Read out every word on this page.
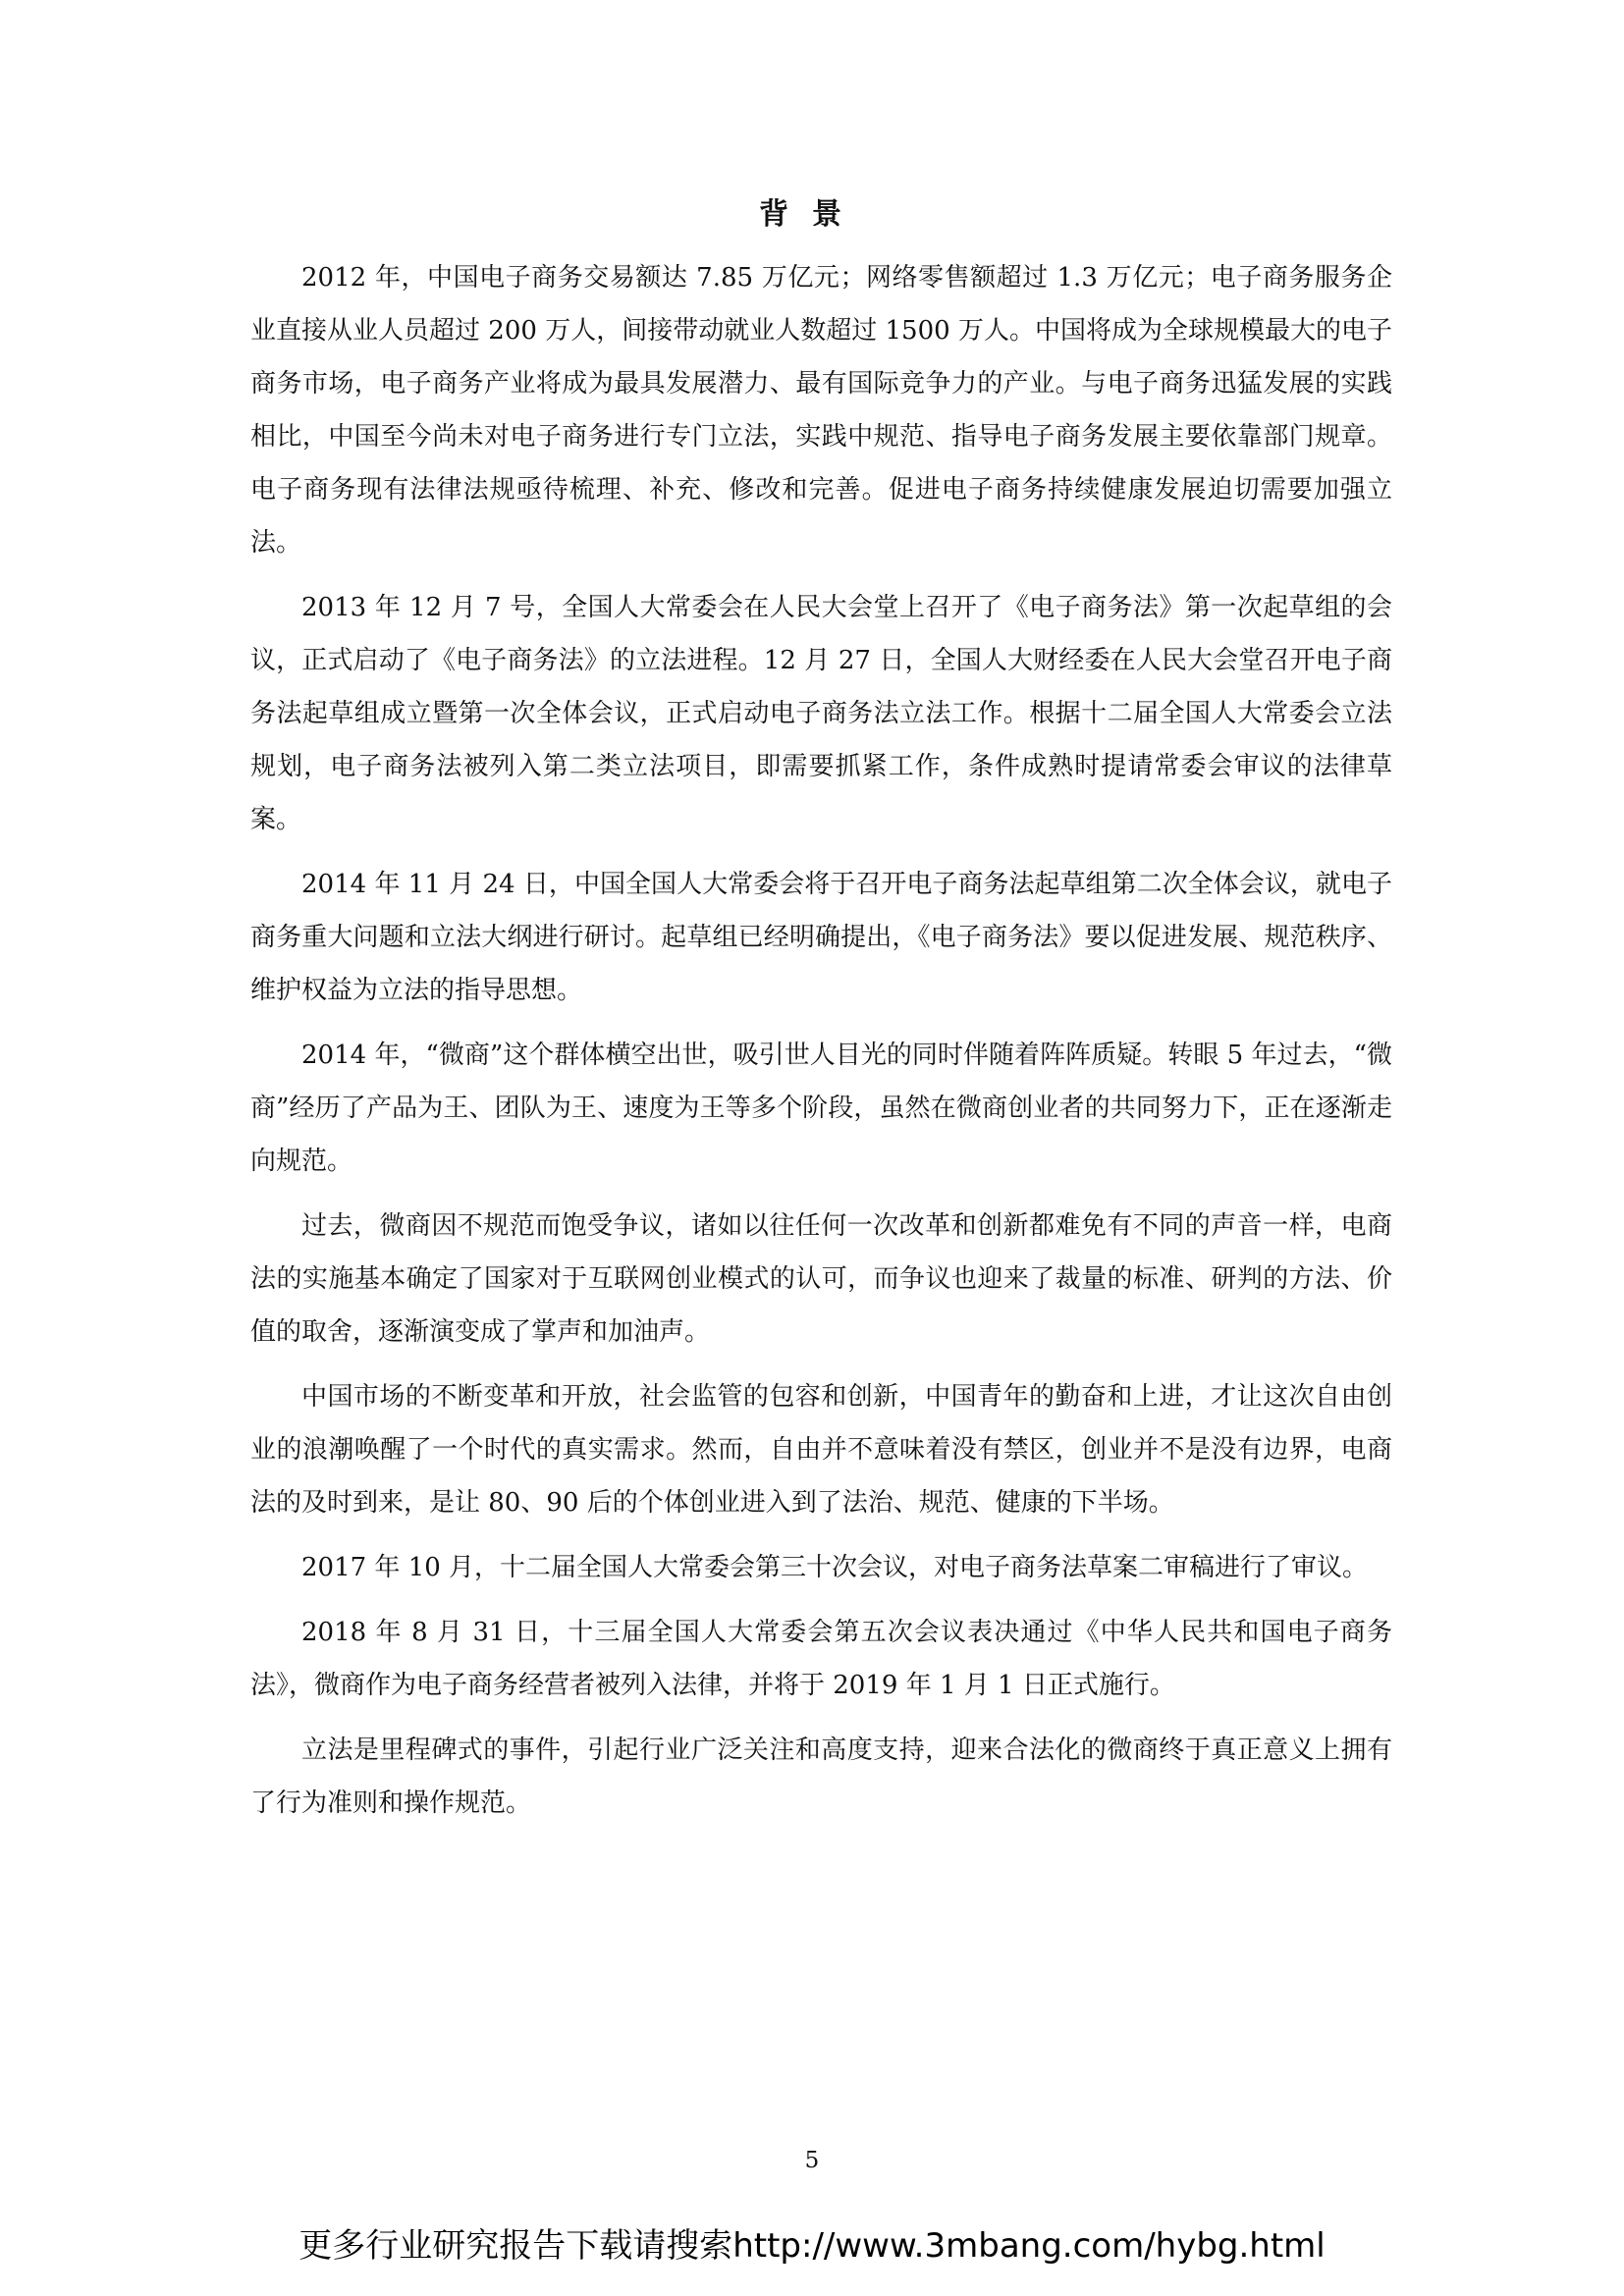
背景

2012 年，中国电子商务交易额达 7.85 万亿元；网络零售额超过 1.3 万亿元；电子商务服务企业直接从业人员超过 200 万人，间接带动就业人数超过 1500 万人。中国将成为全球规模最大的电子商务市场，电子商务产业将成为最具发展潜力、最有国际竞争力的产业。与电子商务迅猛发展的实践相比，中国至今尚未对电子商务进行专门立法，实践中规范、指导电子商务发展主要依靠部门规章。电子商务现有法律法规亟待梳理、补充、修改和完善。促进电子商务持续健康发展迫切需要加强立法。

2013 年 12 月 7 号，全国人大常委会在人民大会堂上召开了《电子商务法》第一次起草组的会议，正式启动了《电子商务法》的立法进程。12 月 27 日，全国人大财经委在人民大会堂召开电子商务法起草组成立暨第一次全体会议，正式启动电子商务法立法工作。根据十二届全国人大常委会立法规划，电子商务法被列入第二类立法项目，即需要抓紧工作，条件成熟时提请常委会审议的法律草案。

2014 年 11 月 24 日，中国全国人大常委会将于召开电子商务法起草组第二次全体会议，就电子商务重大问题和立法大纲进行研讨。起草组已经明确提出，《电子商务法》要以促进发展、规范秩序、维护权益为立法的指导思想。

2014 年，“微商”这个群体横空出世，吸引世人目光的同时伴随着阵阵质疑。转眼 5 年过去，“微商”经历了产品为王、团队为王、速度为王等多个阶段，虽然在微商创业者的共同努力下，正在逐渐走向规范。

过去，微商因不规范而饱受争议，诸如以往任何一次改革和创新都难免有不同的声音一样，电商法的实施基本确定了国家对于互联网创业模式的认可，而争议也迎来了裁量的标准、研判的方法、价值的取舍，逐渐演变成了掌声和加油声。

中国市场的不断变革和开放，社会监管的包容和创新，中国青年的勤奋和上进，才让这次自由创业的浪潮唤醒了一个时代的真实需求。然而，自由并不意味着没有禁区，创业并不是没有边界，电商法的及时到来，是让 80、90 后的个体创业进入到了法治、规范、健康的下半场。

2017 年 10 月，十二届全国人大常委会第三十次会议，对电子商务法草案二审稿进行了审议。

2018 年 8 月 31 日，十三届全国人大常委会第五次会议表决通过《中华人民共和国电子商务法》，微商作为电子商务经营者被列入法律，并将于 2019 年 1 月 1 日正式施行。

立法是里程碑式的事件，引起行业广泛关注和高度支持，迎来合法化的微商终于真正意义上拥有了行为准则和操作规范。

5
更多行业研究报告下载请搜索http://www.3mbang.com/hybg.html
